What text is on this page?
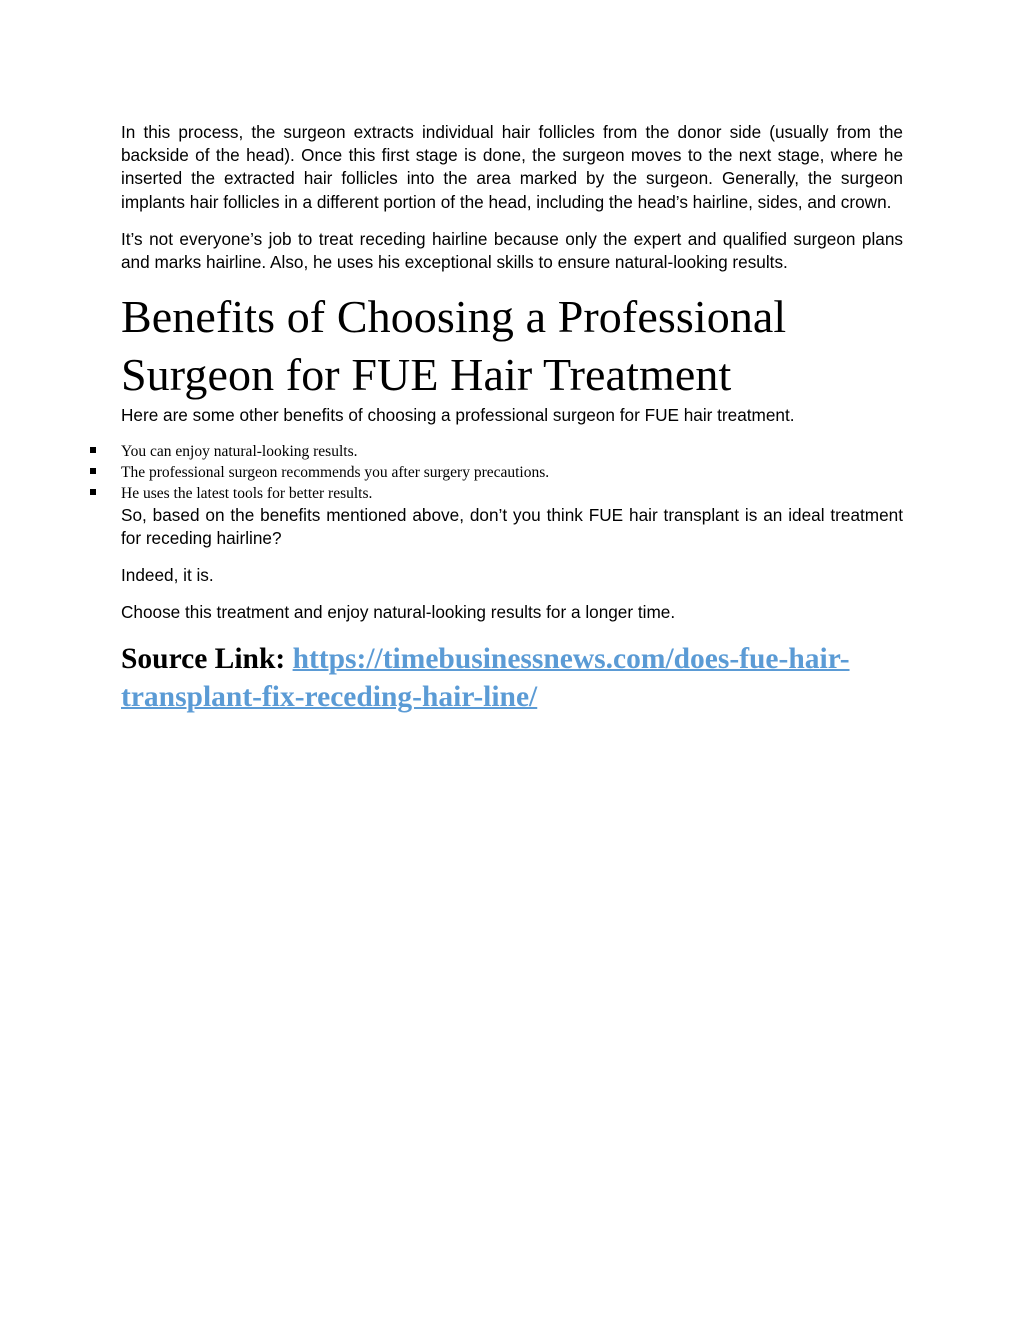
In this process, the surgeon extracts individual hair follicles from the donor side (usually from the backside of the head). Once this first stage is done, the surgeon moves to the next stage, where he inserted the extracted hair follicles into the area marked by the surgeon. Generally, the surgeon implants hair follicles in a different portion of the head, including the head’s hairline, sides, and crown.

It’s not everyone’s job to treat receding hairline because only the expert and qualified surgeon plans and marks hairline. Also, he uses his exceptional skills to ensure natural-looking results.

Benefits of Choosing a Professional Surgeon for FUE Hair Treatment

Here are some other benefits of choosing a professional surgeon for FUE hair treatment.

You can enjoy natural-looking results.
The professional surgeon recommends you after surgery precautions.
He uses the latest tools for better results.

So, based on the benefits mentioned above, don’t you think FUE hair transplant is an ideal treatment for receding hairline?

Indeed, it is.

Choose this treatment and enjoy natural-looking results for a longer time.

Source Link: https://timebusinessnews.com/does-fue-hair-transplant-fix-receding-hair-line/
